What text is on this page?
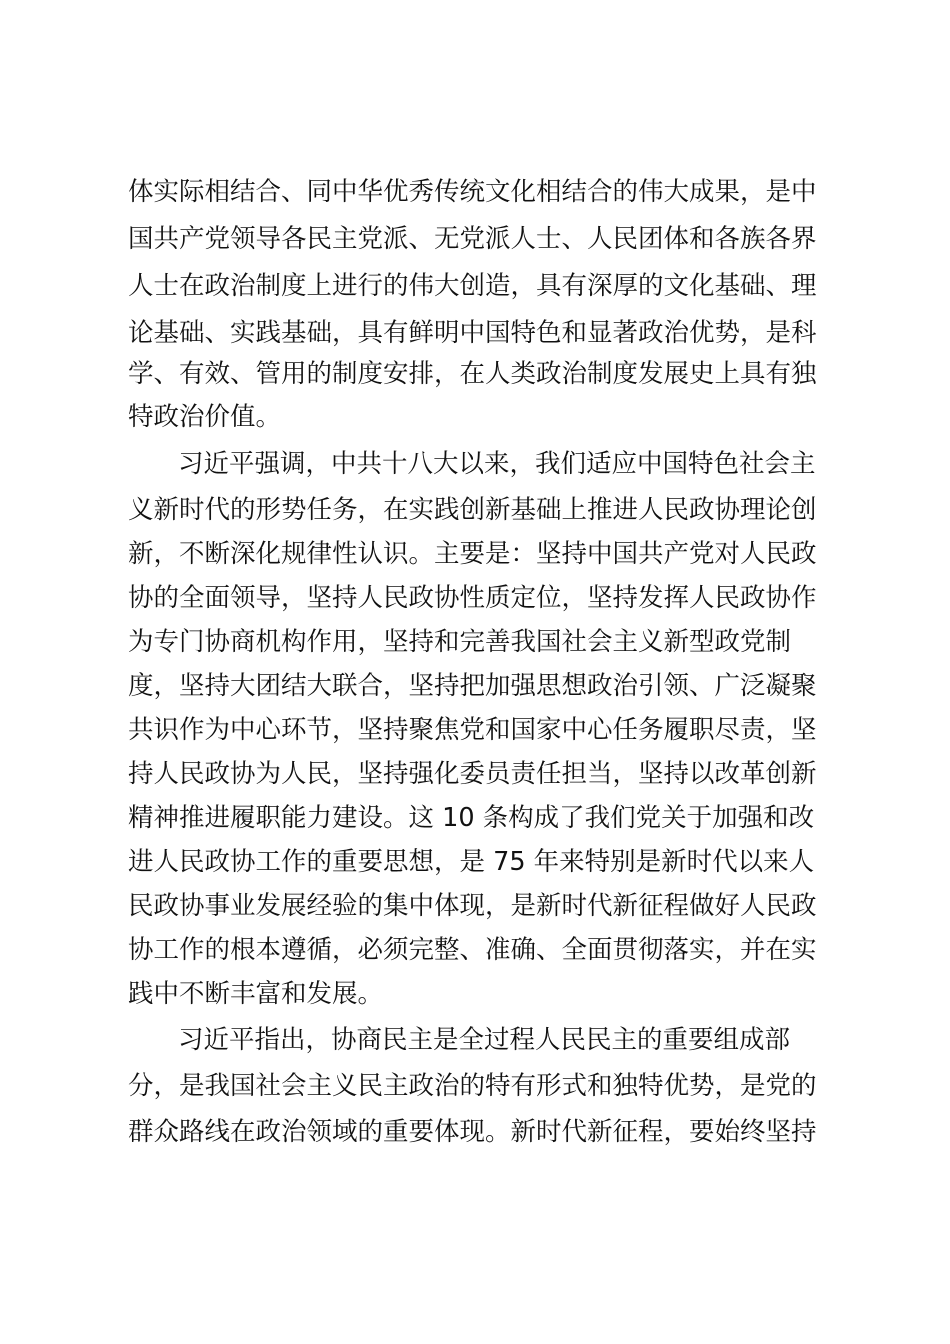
体实际相结合、同中华优秀传统文化相结合的伟大成果，是中
国共产党领导各民主党派、无党派人士、人民团体和各族各界
人士在政治制度上进行的伟大创造，具有深厚的文化基础、理
论基础、实践基础，具有鲜明中国特色和显著政治优势，是科
学、有效、管用的制度安排，在人类政治制度发展史上具有独
特政治价值。
习近平强调，中共十八大以来，我们适应中国特色社会主
义新时代的形势任务，在实践创新基础上推进人民政协理论创
新，不断深化规律性认识。主要是：坚持中国共产党对人民政
协的全面领导，坚持人民政协性质定位，坚持发挥人民政协作
为专门协商机构作用，坚持和完善我国社会主义新型政党制
度，坚持大团结大联合，坚持把加强思想政治引领、广泛凝聚
共识作为中心环节，坚持聚焦党和国家中心任务履职尽责，坚
持人民政协为人民，坚持强化委员责任担当，坚持以改革创新
精神推进履职能力建设。这 10 条构成了我们党关于加强和改
进人民政协工作的重要思想，是 75 年来特别是新时代以来人
民政协事业发展经验的集中体现，是新时代新征程做好人民政
协工作的根本遵循，必须完整、准确、全面贯彻落实，并在实
践中不断丰富和发展。
习近平指出，协商民主是全过程人民民主的重要组成部
分，是我国社会主义民主政治的特有形式和独特优势，是党的
群众路线在政治领域的重要体现。新时代新征程，要始终坚持
